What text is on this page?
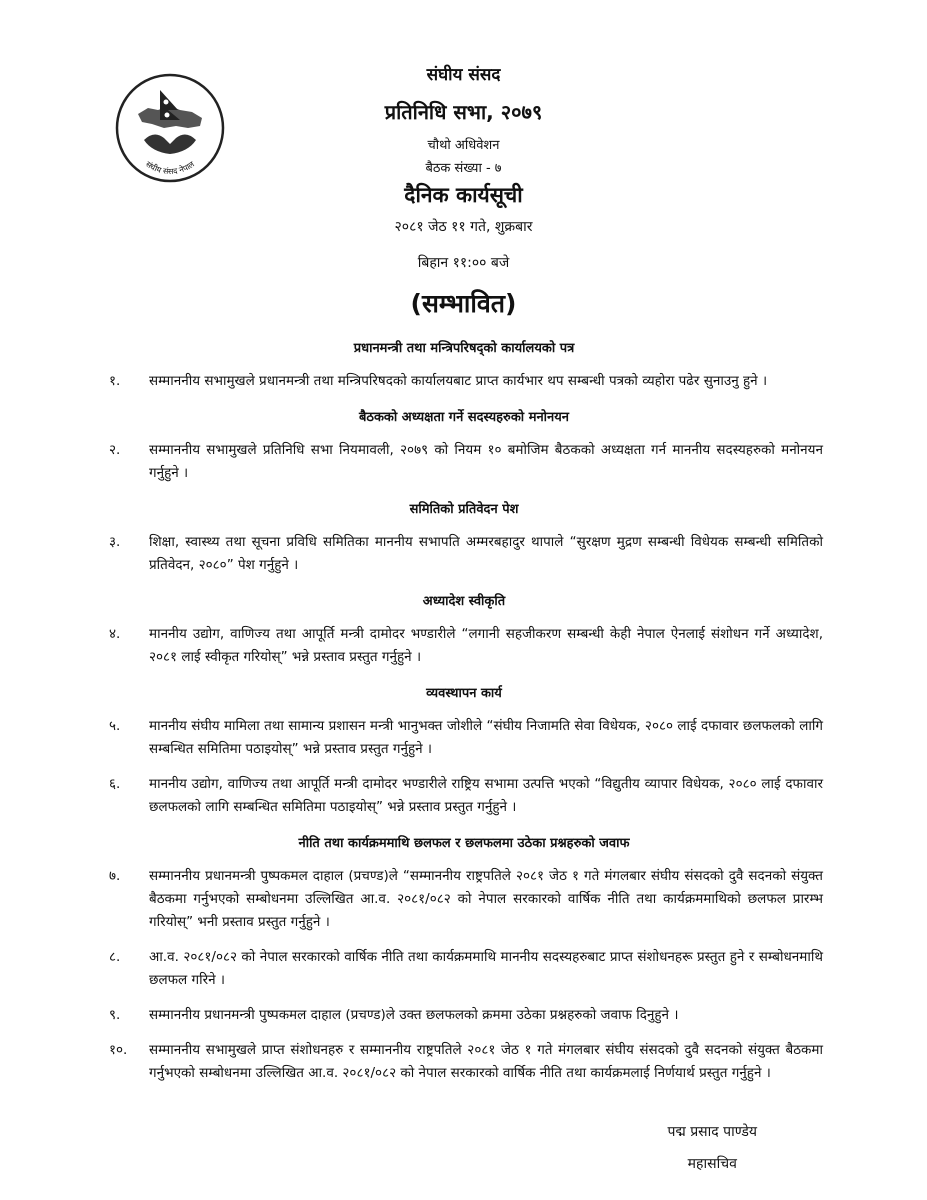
संघीय संसद नेपाल
संघीय संसद
प्रतिनिधि सभा, २०७९
चौथो अधिवेशन
बैठक संख्या - ७
दैनिक कार्यसूची
२०८१ जेठ ११ गते, शुक्रबार
बिहान ११:०० बजे
(सम्भावित)
प्रधानमन्त्री तथा मन्त्रिपरिषद्को कार्यालयको पत्र
१.	सम्माननीय सभामुखले प्रधानमन्त्री तथा मन्त्रिपरिषदको कार्यालयबाट प्राप्त कार्यभार थप सम्बन्धी पत्रको व्यहोरा पढेर सुनाउनु हुने ।
बैठकको अध्यक्षता गर्ने सदस्यहरुको मनोनयन
२.	सम्माननीय सभामुखले प्रतिनिधि सभा नियमावली, २०७९ को नियम १० बमोजिम बैठकको अध्यक्षता गर्न माननीय सदस्यहरुको मनोनयन गर्नुहुने ।
समितिको प्रतिवेदन पेश
३.	शिक्षा, स्वास्थ्य तथा सूचना प्रविधि समितिका माननीय सभापति अम्मरबहादुर थापाले “सुरक्षण मुद्रण सम्बन्धी विधेयक सम्बन्धी समितिको प्रतिवेदन, २०८०” पेश गर्नुहुने ।
अध्यादेश स्वीकृति
४.	माननीय उद्योग, वाणिज्य तथा आपूर्ति मन्त्री दामोदर भण्डारीले “लगानी सहजीकरण सम्बन्धी केही नेपाल ऐनलाई संशोधन गर्ने अध्यादेश, २०८१ लाई स्वीकृत गरियोस्” भन्ने प्रस्ताव प्रस्तुत गर्नुहुने ।
व्यवस्थापन कार्य
५.	माननीय संघीय मामिला तथा सामान्य प्रशासन मन्त्री भानुभक्त जोशीले “संघीय निजामति सेवा विधेयक, २०८० लाई दफावार छलफलको लागि सम्बन्धित समितिमा पठाइयोस्” भन्ने प्रस्ताव प्रस्तुत गर्नुहुने ।
६.	माननीय उद्योग, वाणिज्य तथा आपूर्ति मन्त्री दामोदर भण्डारीले राष्ट्रिय सभामा उत्पत्ति भएको “विद्युतीय व्यापार विधेयक, २०८० लाई दफावार छलफलको लागि सम्बन्धित समितिमा पठाइयोस्” भन्ने प्रस्ताव प्रस्तुत गर्नुहुने ।
नीति तथा कार्यक्रममाथि छलफल र छलफलमा उठेका प्रश्नहरुको जवाफ
७.	सम्माननीय प्रधानमन्त्री पुष्पकमल दाहाल (प्रचण्ड)ले “सम्माननीय राष्ट्रपतिले २०८१ जेठ १ गते मंगलबार संघीय संसदको दुवै सदनको संयुक्त बैठकमा गर्नुभएको सम्बोधनमा उल्लिखित आ.व. २०८१/०८२ को नेपाल सरकारको वार्षिक नीति तथा कार्यक्रममाथिको छलफल प्रारम्भ गरियोस्” भनी प्रस्ताव प्रस्तुत गर्नुहुने ।
८.	आ.व. २०८१/०८२ को नेपाल सरकारको वार्षिक नीति तथा कार्यक्रममाथि माननीय सदस्यहरुबाट प्राप्त संशोधनहरू प्रस्तुत हुने र सम्बोधनमाथि छलफल गरिने ।
९.	सम्माननीय प्रधानमन्त्री पुष्पकमल दाहाल (प्रचण्ड)ले उक्त छलफलको क्रममा उठेका प्रश्नहरुको जवाफ दिनुहुने ।
१०.	सम्माननीय सभामुखले प्राप्त संशोधनहरु र सम्माननीय राष्ट्रपतिले २०८१ जेठ १ गते मंगलबार संघीय संसदको दुवै सदनको संयुक्त बैठकमा गर्नुभएको सम्बोधनमा उल्लिखित आ.व. २०८१/०८२ को नेपाल सरकारको वार्षिक नीति तथा कार्यक्रमलाई निर्णयार्थ प्रस्तुत गर्नुहुने ।
पद्म प्रसाद पाण्डेय
महासचिव
